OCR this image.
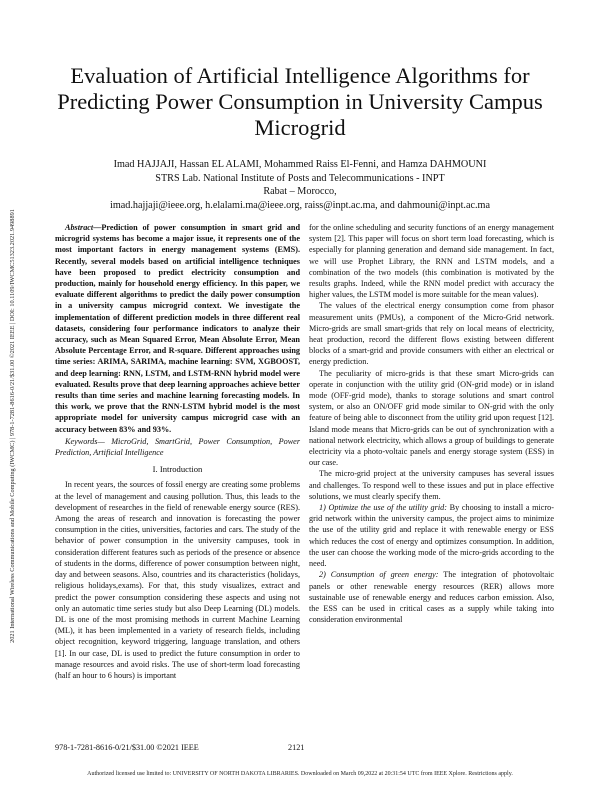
2021 International Wireless Communications and Mobile Computing (IWCMC) | 978-1-7281-8616-0/21/$31.00 ©2021 IEEE | DOI: 10.1109/IWCMC51323.2021.9498891
Evaluation of Artificial Intelligence Algorithms for Predicting Power Consumption in University Campus Microgrid
Imad HAJJAJI, Hassan EL ALAMI, Mohammed Raiss El-Fenni, and Hamza DAHMOUNI
STRS Lab. National Institute of Posts and Telecommunications - INPT
Rabat – Morocco,
imad.hajjaji@ieee.org, h.elalami.ma@ieee.org, raiss@inpt.ac.ma, and dahmouni@inpt.ac.ma

Abstract—Prediction of power consumption in smart grid and microgrid systems has become a major issue, it represents one of the most important factors in energy management systems (EMS). Recently, several models based on artificial intelligence techniques have been proposed to predict electricity consumption and production, mainly for household energy efficiency. In this paper, we evaluate different algorithms to predict the daily power consumption in a university campus microgrid context. We investigate the implementation of different prediction models in three different real datasets, considering four performance indicators to analyze their accuracy, such as Mean Squared Error, Mean Absolute Error, Mean Absolute Percentage Error, and R-square. Different approaches using time series: ARIMA, SARIMA, machine learning: SVM, XGBOOST, and deep learning: RNN, LSTM, and LSTM-RNN hybrid model were evaluated. Results prove that deep learning approaches achieve better results than time series and machine learning forecasting models. In this work, we prove that the RNN-LSTM hybrid model is the most appropriate model for university campus microgrid case with an accuracy between 83% and 93%.

Keywords— MicroGrid, SmartGrid, Power Consumption, Power Prediction, Artificial Intelligence

I. Introduction

In recent years, the sources of fossil energy are creating some problems at the level of management and causing pollution. Thus, this leads to the development of researches in the field of renewable energy source (RES). Among the areas of research and innovation is forecasting the power consumption in the cities, universities, factories and cars. The study of the behavior of power consumption in the university campuses, took in consideration different features such as periods of the presence or absence of students in the dorms, difference of power consumption between night, day and between seasons. Also, countries and its characteristics (holidays, religious holidays,exams). For that, this study visualizes, extract and predict the power consumption considering these aspects and using not only an automatic time series study but also Deep Learning (DL) models. DL is one of the most promising methods in current Machine Learning (ML), it has been implemented in a variety of research fields, including object recognition, keyword triggering, language translation, and others [1]. In our case, DL is used to predict the future consumption in order to manage resources and avoid risks. The use of short-term load forecasting (half an hour to 6 hours) is important

for the online scheduling and security functions of an energy management system [2]. This paper will focus on short term load forecasting, which is especially for planning generation and demand side management. In fact, we will use Prophet Library, the RNN and LSTM models, and a combination of the two models (this combination is motivated by the results graphs. Indeed, while the RNN model predict with accuracy the higher values, the LSTM model is more suitable for the mean values).

The values of the electrical energy consumption come from phasor measurement units (PMUs), a component of the Micro-Grid network. Micro-grids are small smart-grids that rely on local means of electricity, heat production, record the different flows existing between different blocks of a smart-grid and provide consumers with either an electrical or energy prediction.

The peculiarity of micro-grids is that these smart Micro-grids can operate in conjunction with the utility grid (ON-grid mode) or in island mode (OFF-grid mode), thanks to storage solutions and smart control system, or also an ON/OFF grid mode similar to ON-grid with the only feature of being able to disconnect from the utility grid upon request [12]. Island mode means that Micro-grids can be out of synchronization with a national network electricity, which allows a group of buildings to generate electricity via a photo-voltaic panels and energy storage system (ESS) in our case.

The micro-grid project at the university campuses has several issues and challenges. To respond well to these issues and put in place effective solutions, we must clearly specify them.

1) Optimize the use of the utility grid: By choosing to install a micro-grid network within the university campus, the project aims to minimize the use of the utility grid and replace it with renewable energy or ESS which reduces the cost of energy and optimizes consumption. In addition, the user can choose the working mode of the micro-grids according to the need.

2) Consumption of green energy: The integration of photovoltaic panels or other renewable energy resources (RER) allows more sustainable use of renewable energy and reduces carbon emission. Also, the ESS can be used in critical cases as a supply while taking into consideration environmental

978-1-7281-8616-0/21/$31.00 ©2021 IEEE	2121
Authorized licensed use limited to: UNIVERSITY OF NORTH DAKOTA LIBRARIES. Downloaded on March 09,2022 at 20:31:54 UTC from IEEE Xplore. Restrictions apply.
